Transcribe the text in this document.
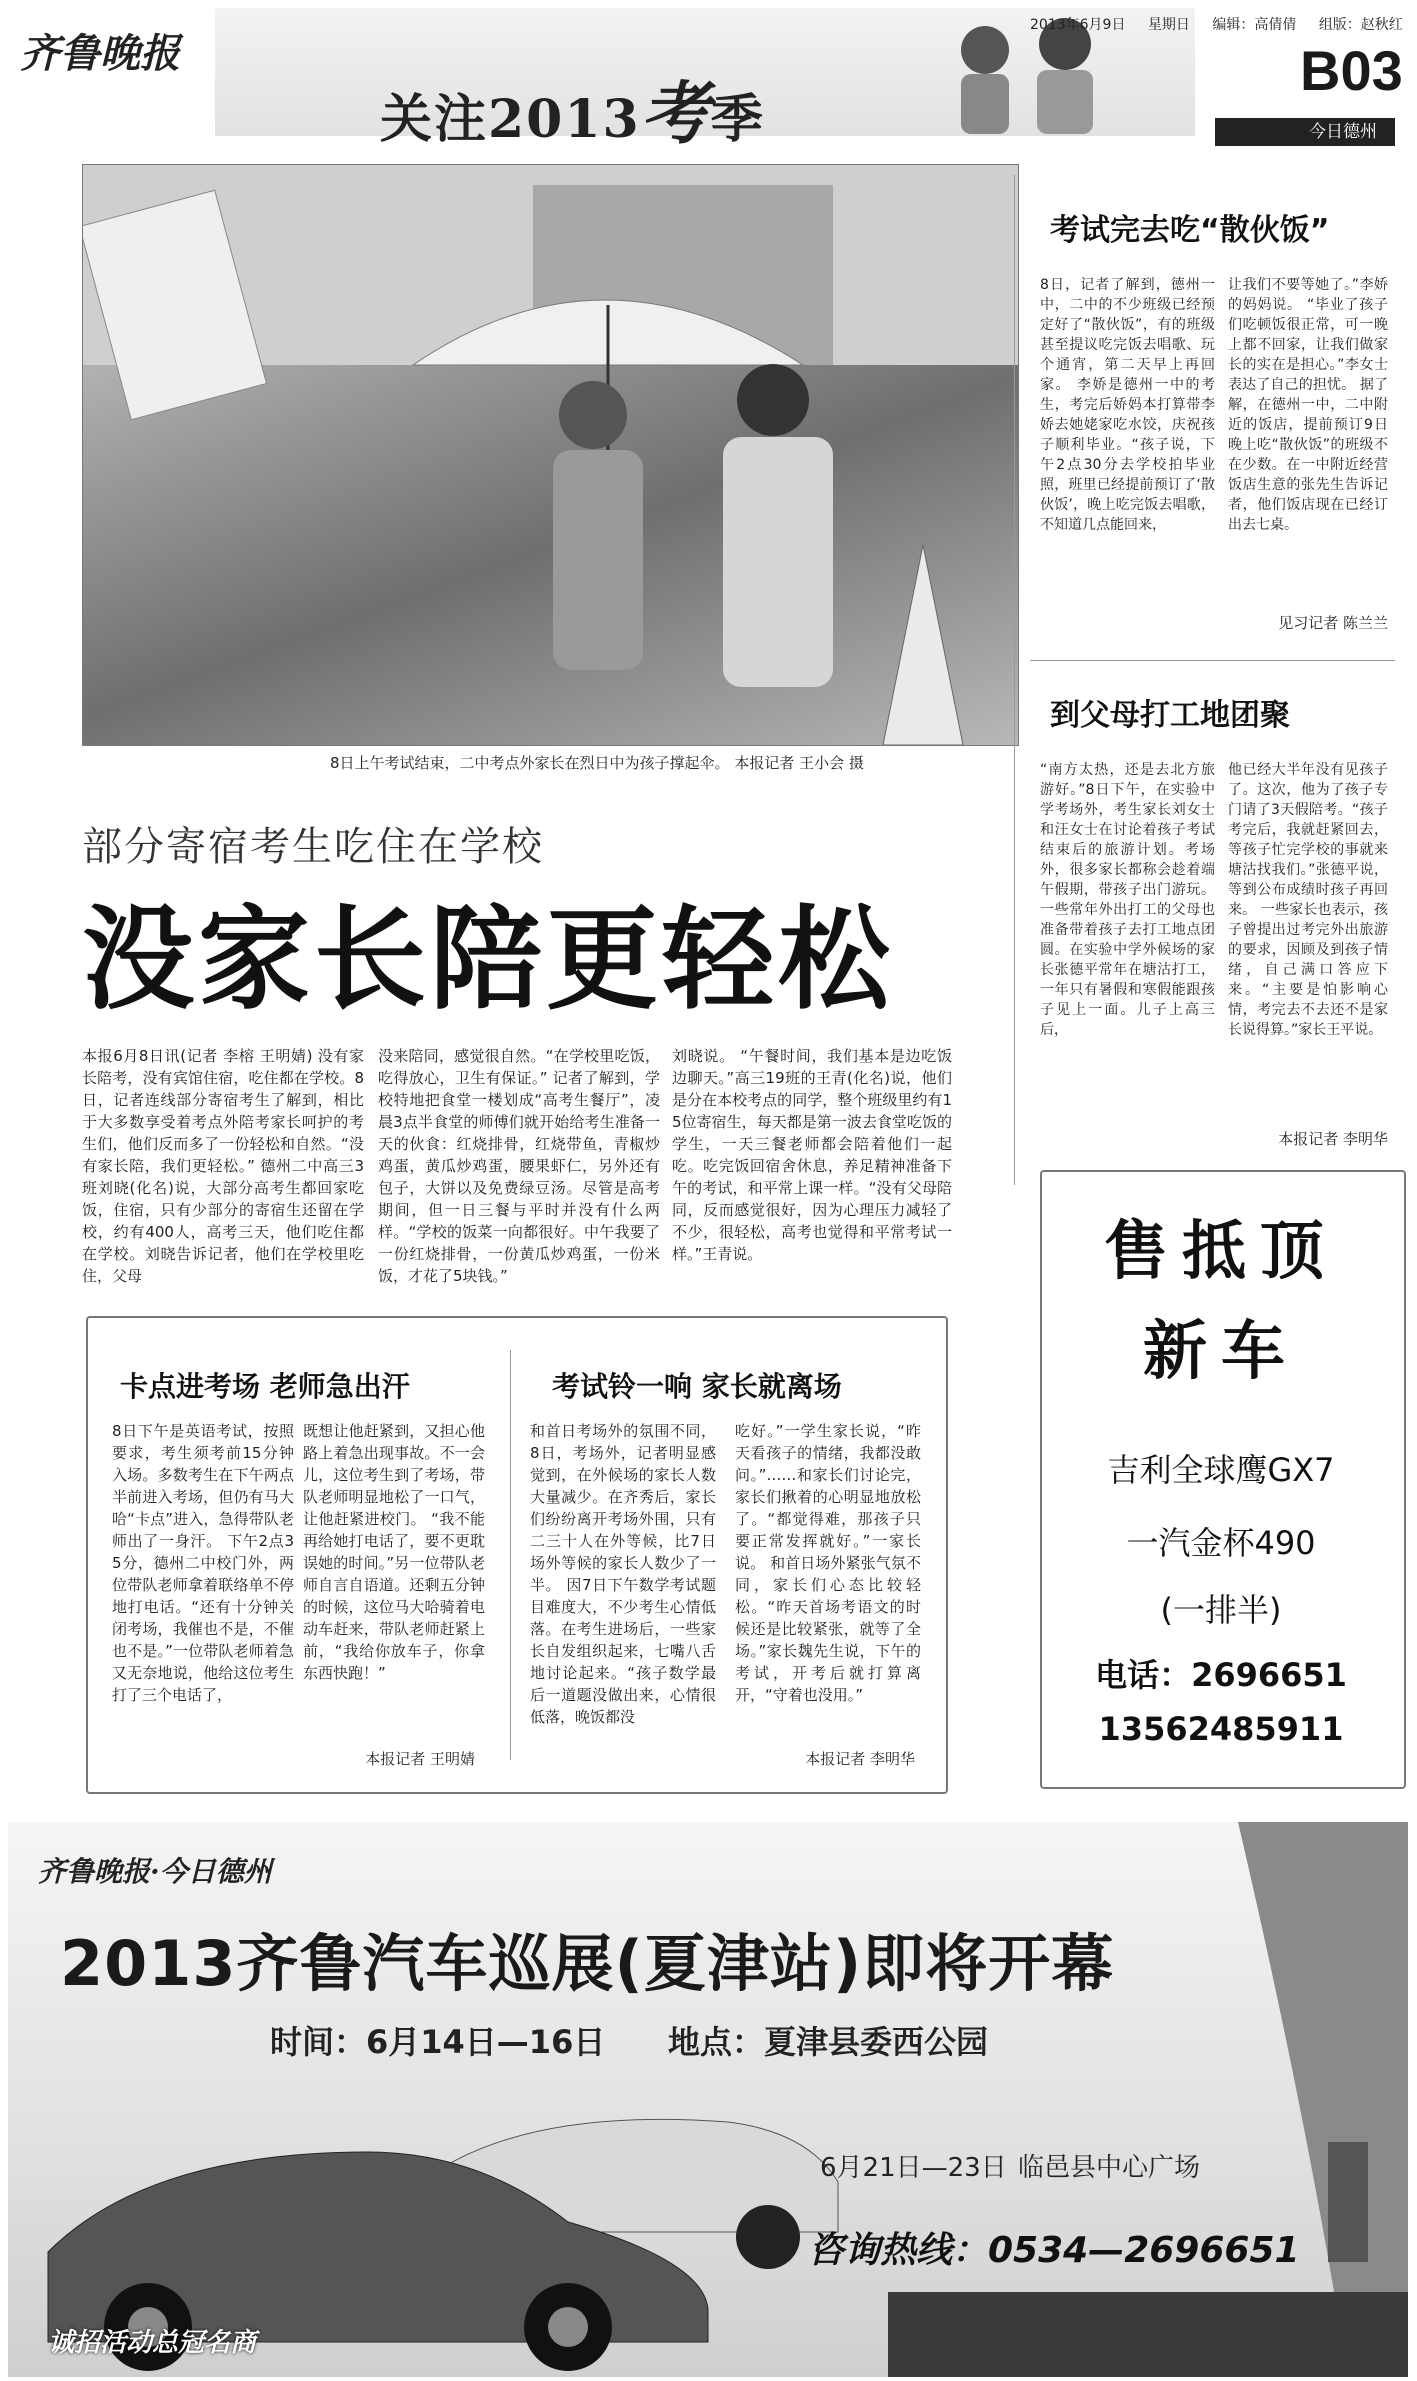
齐鲁晚报
关注2013考季
2013年6月9日 星期日 编辑：高倩倩 组版：赵秋红
B03
今日德州
8日上午考试结束，二中考点外家长在烈日中为孩子撑起伞。 本报记者 王小会 摄
部分寄宿考生吃住在学校
没家长陪更轻松
本报6月8日讯(记者 李榕 王明婧) 没有家长陪考，没有宾馆住宿，吃住都在学校。8日，记者连线部分寄宿考生了解到，相比于大多数享受着考点外陪考家长呵护的考生们，他们反而多了一份轻松和自然。“没有家长陪，我们更轻松。” 德州二中高三3班刘晓(化名)说，大部分高考生都回家吃饭，住宿，只有少部分的寄宿生还留在学校，约有400人，高考三天，他们吃住都在学校。刘晓告诉记者，他们在学校里吃住，父母
没来陪同，感觉很自然。“在学校里吃饭，吃得放心，卫生有保证。” 记者了解到，学校特地把食堂一楼划成“高考生餐厅”，凌晨3点半食堂的师傅们就开始给考生准备一天的伙食：红烧排骨，红烧带鱼，青椒炒鸡蛋，黄瓜炒鸡蛋，腰果虾仁，另外还有包子，大饼以及免费绿豆汤。尽管是高考期间，但一日三餐与平时并没有什么两样。“学校的饭菜一向都很好。中午我要了一份红烧排骨，一份黄瓜炒鸡蛋，一份米饭，才花了5块钱。”
刘晓说。 “午餐时间，我们基本是边吃饭边聊天。”高三19班的王青(化名)说，他们是分在本校考点的同学，整个班级里约有15位寄宿生，每天都是第一波去食堂吃饭的学生，一天三餐老师都会陪着他们一起吃。吃完饭回宿舍休息，养足精神准备下午的考试，和平常上课一样。“没有父母陪同，反而感觉很好，因为心理压力减轻了不少，很轻松，高考也觉得和平常考试一样。”王青说。
卡点进考场 老师急出汗
8日下午是英语考试，按照要求，考生须考前15分钟入场。多数考生在下午两点半前进入考场，但仍有马大哈“卡点”进入，急得带队老师出了一身汗。 下午2点35分，德州二中校门外，两位带队老师拿着联络单不停地打电话。“还有十分钟关闭考场，我催也不是，不催也不是。”一位带队老师着急又无奈地说，他给这位考生打了三个电话了，
既想让他赶紧到，又担心他路上着急出现事故。不一会儿，这位考生到了考场，带队老师明显地松了一口气，让他赶紧进校门。 “我不能再给她打电话了，要不更耽误她的时间。”另一位带队老师自言自语道。还剩五分钟的时候，这位马大哈骑着电动车赶来，带队老师赶紧上前，“我给你放车子，你拿东西快跑！”
本报记者 王明婧
考试铃一响 家长就离场
和首日考场外的氛围不同，8日，考场外，记者明显感觉到，在外候场的家长人数大量减少。在齐秀后，家长们纷纷离开考场外围，只有二三十人在外等候，比7日场外等候的家长人数少了一半。 因7日下午数学考试题目难度大，不少考生心情低落。在考生进场后，一些家长自发组织起来，七嘴八舌地讨论起来。“孩子数学最后一道题没做出来，心情很低落，晚饭都没
吃好。”一学生家长说，“昨天看孩子的情绪，我都没敢问。”……和家长们讨论完，家长们揪着的心明显地放松了。“都觉得难，那孩子只要正常发挥就好。”一家长说。 和首日场外紧张气氛不同，家长们心态比较轻松。“昨天首场考语文的时候还是比较紧张，就等了全场。”家长魏先生说，下午的考试，开考后就打算离开，“守着也没用。”
本报记者 李明华
考试完去吃“散伙饭”
8日，记者了解到，德州一中，二中的不少班级已经预定好了“散伙饭”，有的班级甚至提议吃完饭去唱歌、玩个通宵，第二天早上再回家。 李娇是德州一中的考生，考完后娇妈本打算带李娇去她姥家吃水饺，庆祝孩子顺利毕业。“孩子说，下午2点30分去学校拍毕业照，班里已经提前预订了‘散伙饭’，晚上吃完饭去唱歌，不知道几点能回来，
让我们不要等她了。”李娇的妈妈说。 “毕业了孩子们吃顿饭很正常，可一晚上都不回家，让我们做家长的实在是担心。”李女士表达了自己的担忧。 据了解，在德州一中，二中附近的饭店，提前预订9日晚上吃“散伙饭”的班级不在少数。在一中附近经营饭店生意的张先生告诉记者，他们饭店现在已经订出去七桌。
见习记者 陈兰兰
到父母打工地团聚
“南方太热，还是去北方旅游好。”8日下午，在实验中学考场外，考生家长刘女士和汪女士在讨论着孩子考试结束后的旅游计划。考场外，很多家长都称会趁着端午假期，带孩子出门游玩。 一些常年外出打工的父母也准备带着孩子去打工地点团圆。在实验中学外候场的家长张德平常年在塘沽打工，一年只有暑假和寒假能跟孩子见上一面。儿子上高三后，
他已经大半年没有见孩子了。这次，他为了孩子专门请了3天假陪考。“孩子考完后，我就赶紧回去，等孩子忙完学校的事就来塘沽找我们。”张德平说，等到公布成绩时孩子再回来。 一些家长也表示，孩子曾提出过考完外出旅游的要求，因顾及到孩子情绪，自己满口答应下来。“主要是怕影响心情，考完去不去还不是家长说得算。”家长王平说。
本报记者 李明华
售抵顶
新车
吉利全球鹰GX7
一汽金杯490
(一排半)
电话：2696651
13562485911
齐鲁晚报·今日德州
2013齐鲁汽车巡展(夏津站)即将开幕
时间：6月14日—16日 地点：夏津县委西公园
6月21日—23日 临邑县中心广场
咨询热线：0534—2696651
诚招活动总冠名商
